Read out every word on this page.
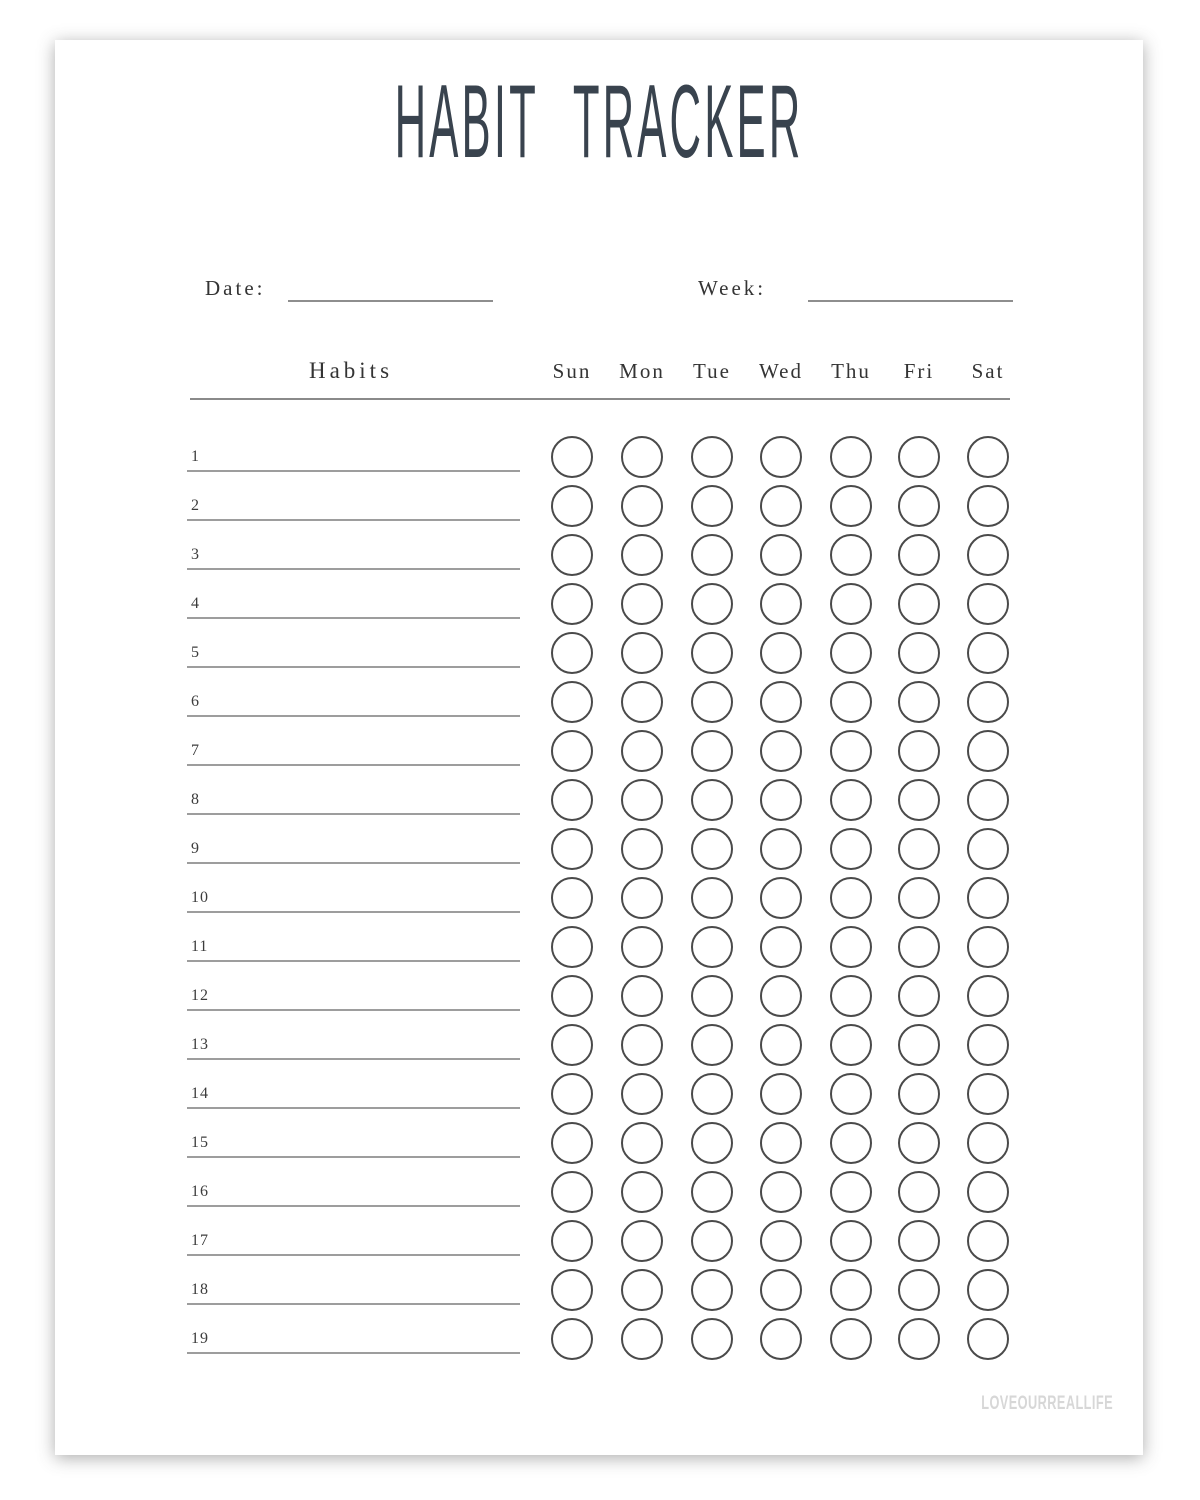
HABIT TRACKER
Date:	Week:
Habits	Sun Mon Tue Wed Thu Fri Sat
1
2
3
4
5
6
7
8
9
10
11
12
13
14
15
16
17
18
19
LOVEOURREALLIFE
